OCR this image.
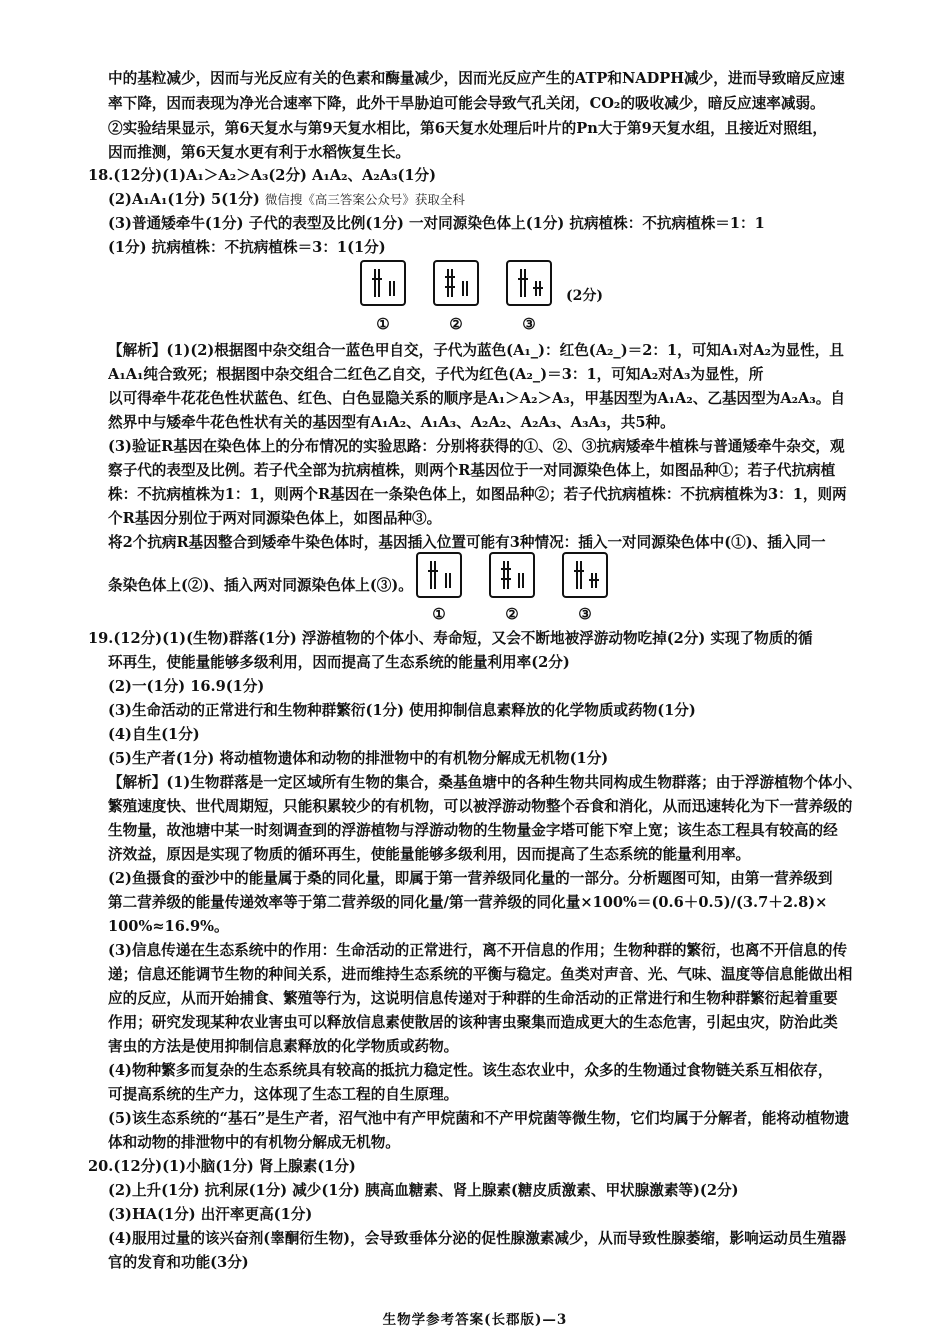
中的基粒减少，因而与光反应有关的色素和酶量减少，因而光反应产生的ATP和NADPH减少，进而导致暗反应速
率下降，因而表现为净光合速率下降，此外干旱胁迫可能会导致气孔关闭，CO₂的吸收减少，暗反应速率减弱。
②实验结果显示，第6天复水与第9天复水相比，第6天复水处理后叶片的Pn大于第9天复水组，且接近对照组，
因而推测，第6天复水更有利于水稻恢复生长。
18.(12分)(1)A₁＞A₂＞A₃(2分) A₁A₂、A₂A₃(1分)
(2)A₁A₁(1分) 5(1分) 微信搜《高三答案公众号》获取全科
(3)普通矮牵牛(1分) 子代的表型及比例(1分) 一对同源染色体上(1分) 抗病植株：不抗病植株＝1：1
(1分) 抗病植株：不抗病植株＝3：1(1分)
①	②	③
(2分)
【解析】(1)(2)根据图中杂交组合一蓝色甲自交，子代为蓝色(A₁_)：红色(A₂_)＝2：1，可知A₁对A₂为显性，且
A₁A₁纯合致死；根据图中杂交组合二红色乙自交，子代为红色(A₂_)＝3：1，可知A₂对A₃为显性，所
以可得牵牛花花色性状蓝色、红色、白色显隐关系的顺序是A₁＞A₂＞A₃，甲基因型为A₁A₂、乙基因型为A₂A₃。自
然界中与矮牵牛花色性状有关的基因型有A₁A₂、A₁A₃、A₂A₂、A₂A₃、A₃A₃，共5种。
(3)验证R基因在染色体上的分布情况的实验思路：分别将获得的①、②、③抗病矮牵牛植株与普通矮牵牛杂交，观
察子代的表型及比例。若子代全部为抗病植株，则两个R基因位于一对同源染色体上，如图品种①；若子代抗病植
株：不抗病植株为1：1，则两个R基因在一条染色体上，如图品种②；若子代抗病植株：不抗病植株为3：1，则两
个R基因分别位于两对同源染色体上，如图品种③。
将2个抗病R基因整合到矮牵牛染色体时，基因插入位置可能有3种情况：插入一对同源染色体中(①)、插入同一
条染色体上(②)、插入两对同源染色体上(③)。
①	②	③
19.(12分)(1)(生物)群落(1分) 浮游植物的个体小、寿命短，又会不断地被浮游动物吃掉(2分) 实现了物质的循
环再生，使能量能够多级利用，因而提高了生态系统的能量利用率(2分)
(2)一(1分) 16.9(1分)
(3)生命活动的正常进行和生物种群繁衍(1分) 使用抑制信息素释放的化学物质或药物(1分)
(4)自生(1分)
(5)生产者(1分) 将动植物遗体和动物的排泄物中的有机物分解成无机物(1分)
【解析】(1)生物群落是一定区域所有生物的集合，桑基鱼塘中的各种生物共同构成生物群落；由于浮游植物个体小、
繁殖速度快、世代周期短，只能积累较少的有机物，可以被浮游动物整个吞食和消化，从而迅速转化为下一营养级的
生物量，故池塘中某一时刻调查到的浮游植物与浮游动物的生物量金字塔可能下窄上宽；该生态工程具有较高的经
济效益，原因是实现了物质的循环再生，使能量能够多级利用，因而提高了生态系统的能量利用率。
(2)鱼摄食的蚕沙中的能量属于桑的同化量，即属于第一营养级同化量的一部分。分析题图可知，由第一营养级到
第二营养级的能量传递效率等于第二营养级的同化量/第一营养级的同化量×100%＝(0.6＋0.5)/(3.7＋2.8)×
100%≈16.9%。
(3)信息传递在生态系统中的作用：生命活动的正常进行，离不开信息的作用；生物种群的繁衍，也离不开信息的传
递；信息还能调节生物的种间关系，进而维持生态系统的平衡与稳定。鱼类对声音、光、气味、温度等信息能做出相
应的反应，从而开始捕食、繁殖等行为，这说明信息传递对于种群的生命活动的正常进行和生物种群繁衍起着重要
作用；研究发现某种农业害虫可以释放信息素使散居的该种害虫聚集而造成更大的生态危害，引起虫灾，防治此类
害虫的方法是使用抑制信息素释放的化学物质或药物。
(4)物种繁多而复杂的生态系统具有较高的抵抗力稳定性。该生态农业中，众多的生物通过食物链关系互相依存，
可提高系统的生产力，这体现了生态工程的自生原理。
(5)该生态系统的“基石”是生产者，沼气池中有产甲烷菌和不产甲烷菌等微生物，它们均属于分解者，能将动植物遗
体和动物的排泄物中的有机物分解成无机物。
20.(12分)(1)小脑(1分) 肾上腺素(1分)
(2)上升(1分) 抗利尿(1分) 减少(1分) 胰高血糖素、肾上腺素(糖皮质激素、甲状腺激素等)(2分)
(3)HA(1分) 出汗率更高(1分)
(4)服用过量的该兴奋剂(睾酮衍生物)，会导致垂体分泌的促性腺激素减少，从而导致性腺萎缩，影响运动员生殖器
官的发育和功能(3分)
生物学参考答案(长郡版)—3
